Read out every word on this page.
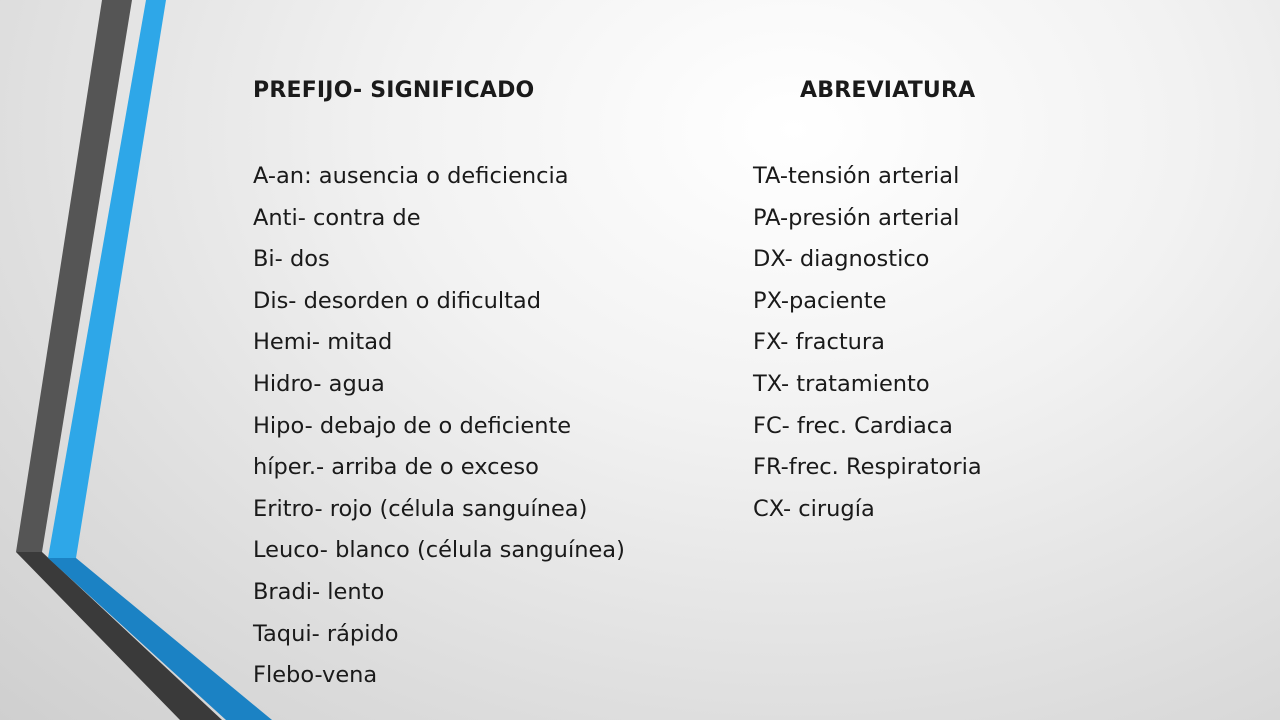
PREFIJO- SIGNIFICADO	ABREVIATURA
A-an: ausencia o deficiencia
Anti- contra de
Bi- dos
Dis- desorden o dificultad
Hemi- mitad
Hidro- agua
Hipo- debajo de o deficiente
híper.- arriba de o exceso
Eritro- rojo (célula sanguínea)
Leuco- blanco (célula sanguínea)
Bradi- lento
Taqui- rápido
Flebo-vena
TA-tensión arterial
PA-presión arterial
DX- diagnostico
PX-paciente
FX- fractura
TX- tratamiento
FC- frec. Cardiaca
FR-frec. Respiratoria
CX- cirugía
